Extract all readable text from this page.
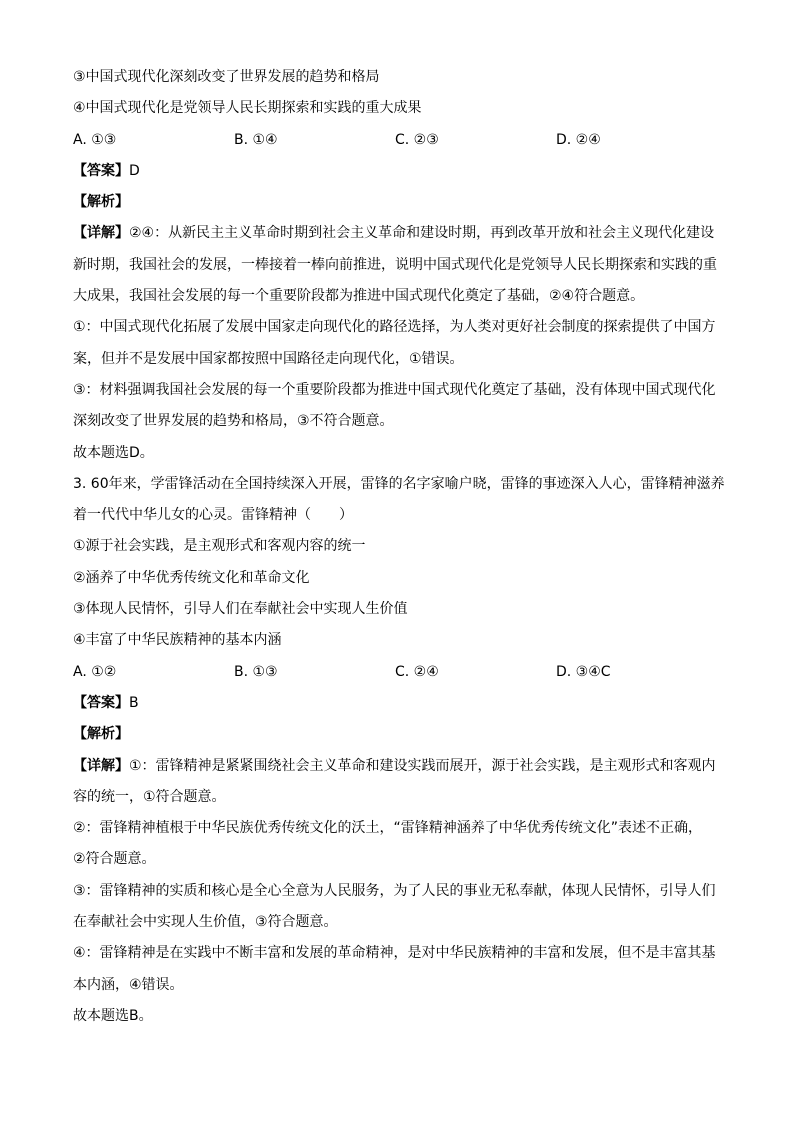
③中国式现代化深刻改变了世界发展的趋势和格局
④中国式现代化是党领导人民长期探索和实践的重大成果
A. ①③	B. ①④	C. ②③	D. ②④
【答案】D
【解析】
【详解】②④：从新民主主义革命时期到社会主义革命和建设时期，再到改革开放和社会主义现代化建设
新时期，我国社会的发展，一棒接着一棒向前推进，说明中国式现代化是党领导人民长期探索和实践的重
大成果，我国社会发展的每一个重要阶段都为推进中国式现代化奠定了基础，②④符合题意。
①：中国式现代化拓展了发展中国家走向现代化的路径选择，为人类对更好社会制度的探索提供了中国方
案，但并不是发展中国家都按照中国路径走向现代化，①错误。
③：材料强调我国社会发展的每一个重要阶段都为推进中国式现代化奠定了基础，没有体现中国式现代化
深刻改变了世界发展的趋势和格局，③不符合题意。
故本题选D。
3. 60年来，学雷锋活动在全国持续深入开展，雷锋的名字家喻户晓，雷锋的事迹深入人心，雷锋精神滋养
着一代代中华儿女的心灵。雷锋精神（　　）
①源于社会实践，是主观形式和客观内容的统一
②涵养了中华优秀传统文化和革命文化
③体现人民情怀，引导人们在奉献社会中实现人生价值
④丰富了中华民族精神的基本内涵
A. ①②	B. ①③	C. ②④	D. ③④C
【答案】B
【解析】
【详解】①：雷锋精神是紧紧围绕社会主义革命和建设实践而展开，源于社会实践，是主观形式和客观内
容的统一，①符合题意。
②：雷锋精神植根于中华民族优秀传统文化的沃土，“雷锋精神涵养了中华优秀传统文化”表述不正确，
②符合题意。
③：雷锋精神的实质和核心是全心全意为人民服务，为了人民的事业无私奉献，体现人民情怀，引导人们
在奉献社会中实现人生价值，③符合题意。
④：雷锋精神是在实践中不断丰富和发展的革命精神，是对中华民族精神的丰富和发展，但不是丰富其基
本内涵，④错误。
故本题选B。
